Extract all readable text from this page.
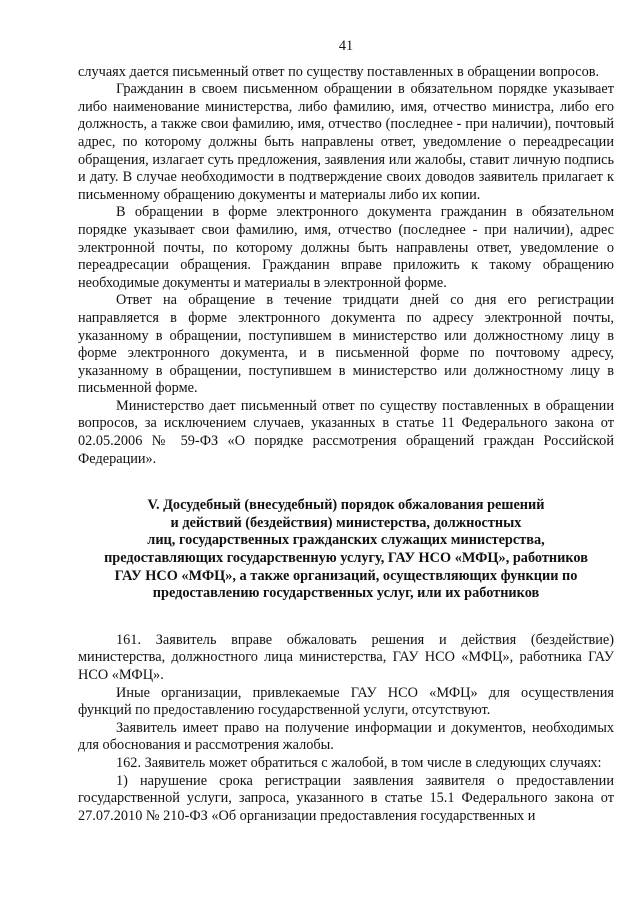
41

случаях дается письменный ответ по существу поставленных в обращении вопросов.

Гражданин в своем письменном обращении в обязательном порядке указывает либо наименование министерства, либо фамилию, имя, отчество министра, либо его должность, а также свои фамилию, имя, отчество (последнее - при наличии), почтовый адрес, по которому должны быть направлены ответ, уведомление о переадресации обращения, излагает суть предложения, заявления или жалобы, ставит личную подпись и дату. В случае необходимости в подтверждение своих доводов заявитель прилагает к письменному обращению документы и материалы либо их копии.

В обращении в форме электронного документа гражданин в обязательном порядке указывает свои фамилию, имя, отчество (последнее - при наличии), адрес электронной почты, по которому должны быть направлены ответ, уведомление о переадресации обращения. Гражданин вправе приложить к такому обращению необходимые документы и материалы в электронной форме.

Ответ на обращение в течение тридцати дней со дня его регистрации направляется в форме электронного документа по адресу электронной почты, указанному в обращении, поступившем в министерство или должностному лицу в форме электронного документа, и в письменной форме по почтовому адресу, указанному в обращении, поступившем в министерство или должностному лицу в письменной форме.

Министерство дает письменный ответ по существу поставленных в обращении вопросов, за исключением случаев, указанных в статье 11 Федерального закона от 02.05.2006 № 59-ФЗ «О порядке рассмотрения обращений граждан Российской Федерации».

V. Досудебный (внесудебный) порядок обжалования решений
и действий (бездействия) министерства, должностных
лиц, государственных гражданских служащих министерства,
предоставляющих государственную услугу, ГАУ НСО «МФЦ», работников
ГАУ НСО «МФЦ», а также организаций, осуществляющих функции по
предоставлению государственных услуг, или их работников

161. Заявитель вправе обжаловать решения и действия (бездействие) министерства, должностного лица министерства, ГАУ НСО «МФЦ», работника ГАУ НСО «МФЦ».

Иные организации, привлекаемые ГАУ НСО «МФЦ» для осуществления функций по предоставлению государственной услуги, отсутствуют.

Заявитель имеет право на получение информации и документов, необходимых для обоснования и рассмотрения жалобы.

162. Заявитель может обратиться с жалобой, в том числе в следующих случаях:

1) нарушение срока регистрации заявления заявителя о предоставлении государственной услуги, запроса, указанного в статье 15.1 Федерального закона от 27.07.2010 № 210-ФЗ «Об организации предоставления государственных и
